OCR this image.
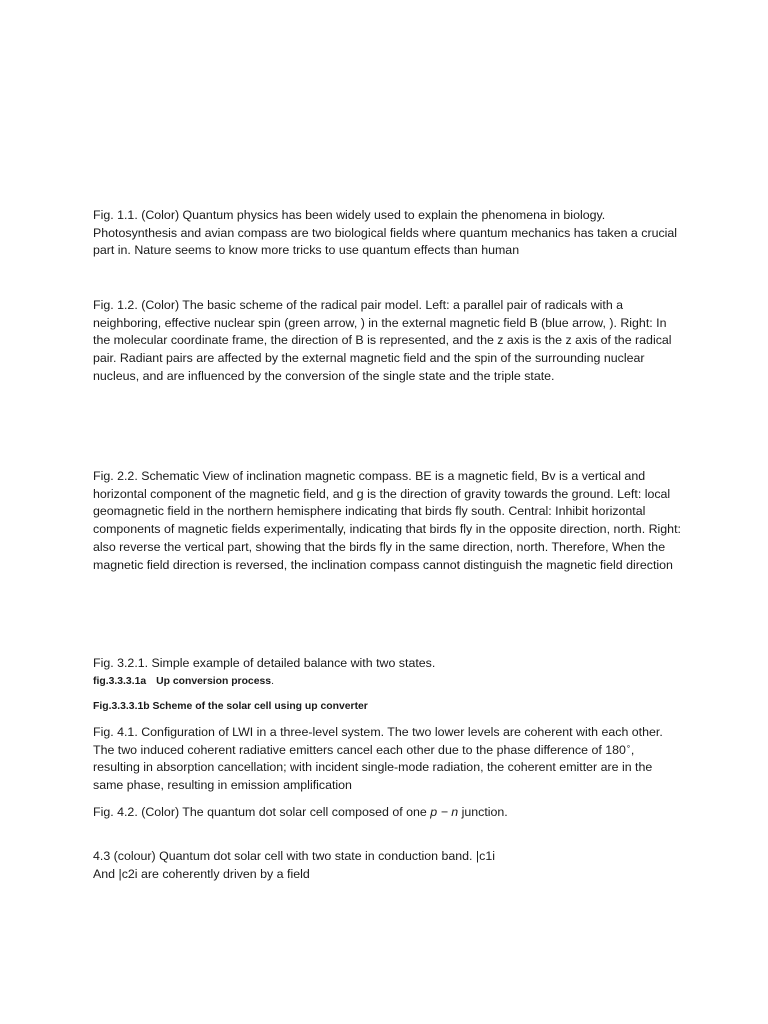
Fig. 1.1. (Color) Quantum physics has been widely used to explain the phenomena in biology. Photosynthesis and avian compass are two biological fields where quantum mechanics has taken a crucial part in. Nature seems to know more tricks to use quantum effects than human

Fig. 1.2. (Color) The basic scheme of the radical pair model. Left: a parallel pair of radicals with a neighboring, effective nuclear spin (green arrow, ) in the external magnetic field B (blue arrow, ). Right: In the molecular coordinate frame, the direction of B is represented, and the z axis is the z axis of the radical pair. Radiant pairs are affected by the external magnetic field and the spin of the surrounding nuclear nucleus, and are influenced by the conversion of the single state and the triple state.

Fig. 2.2. Schematic View of inclination magnetic compass. BE is a magnetic field, Bv is a vertical and horizontal component of the magnetic field, and g is the direction of gravity towards the ground. Left: local geomagnetic field in the northern hemisphere indicating that birds fly south. Central: Inhibit horizontal components of magnetic fields experimentally, indicating that birds fly in the opposite direction, north. Right: also reverse the vertical part, showing that the birds fly in the same direction, north. Therefore, When the magnetic field direction is reversed, the inclination compass cannot distinguish the magnetic field direction

Fig. 3.2.1. Simple example of detailed balance with two states.

fig.3.3.3.1a Up conversion process.

Fig.3.3.3.1b Scheme of the solar cell using up converter

Fig. 4.1. Configuration of LWI in a three-level system. The two lower levels are coherent with each other. The two induced coherent radiative emitters cancel each other due to the phase difference of 180∘, resulting in absorption cancellation; with incident single-mode radiation, the coherent emitter are in the same phase, resulting in emission amplification

Fig. 4.2. (Color) The quantum dot solar cell composed of one p − n junction.

4.3 (colour) Quantum dot solar cell with two state in conduction band. |c1i
And |c2i are coherently driven by a field
